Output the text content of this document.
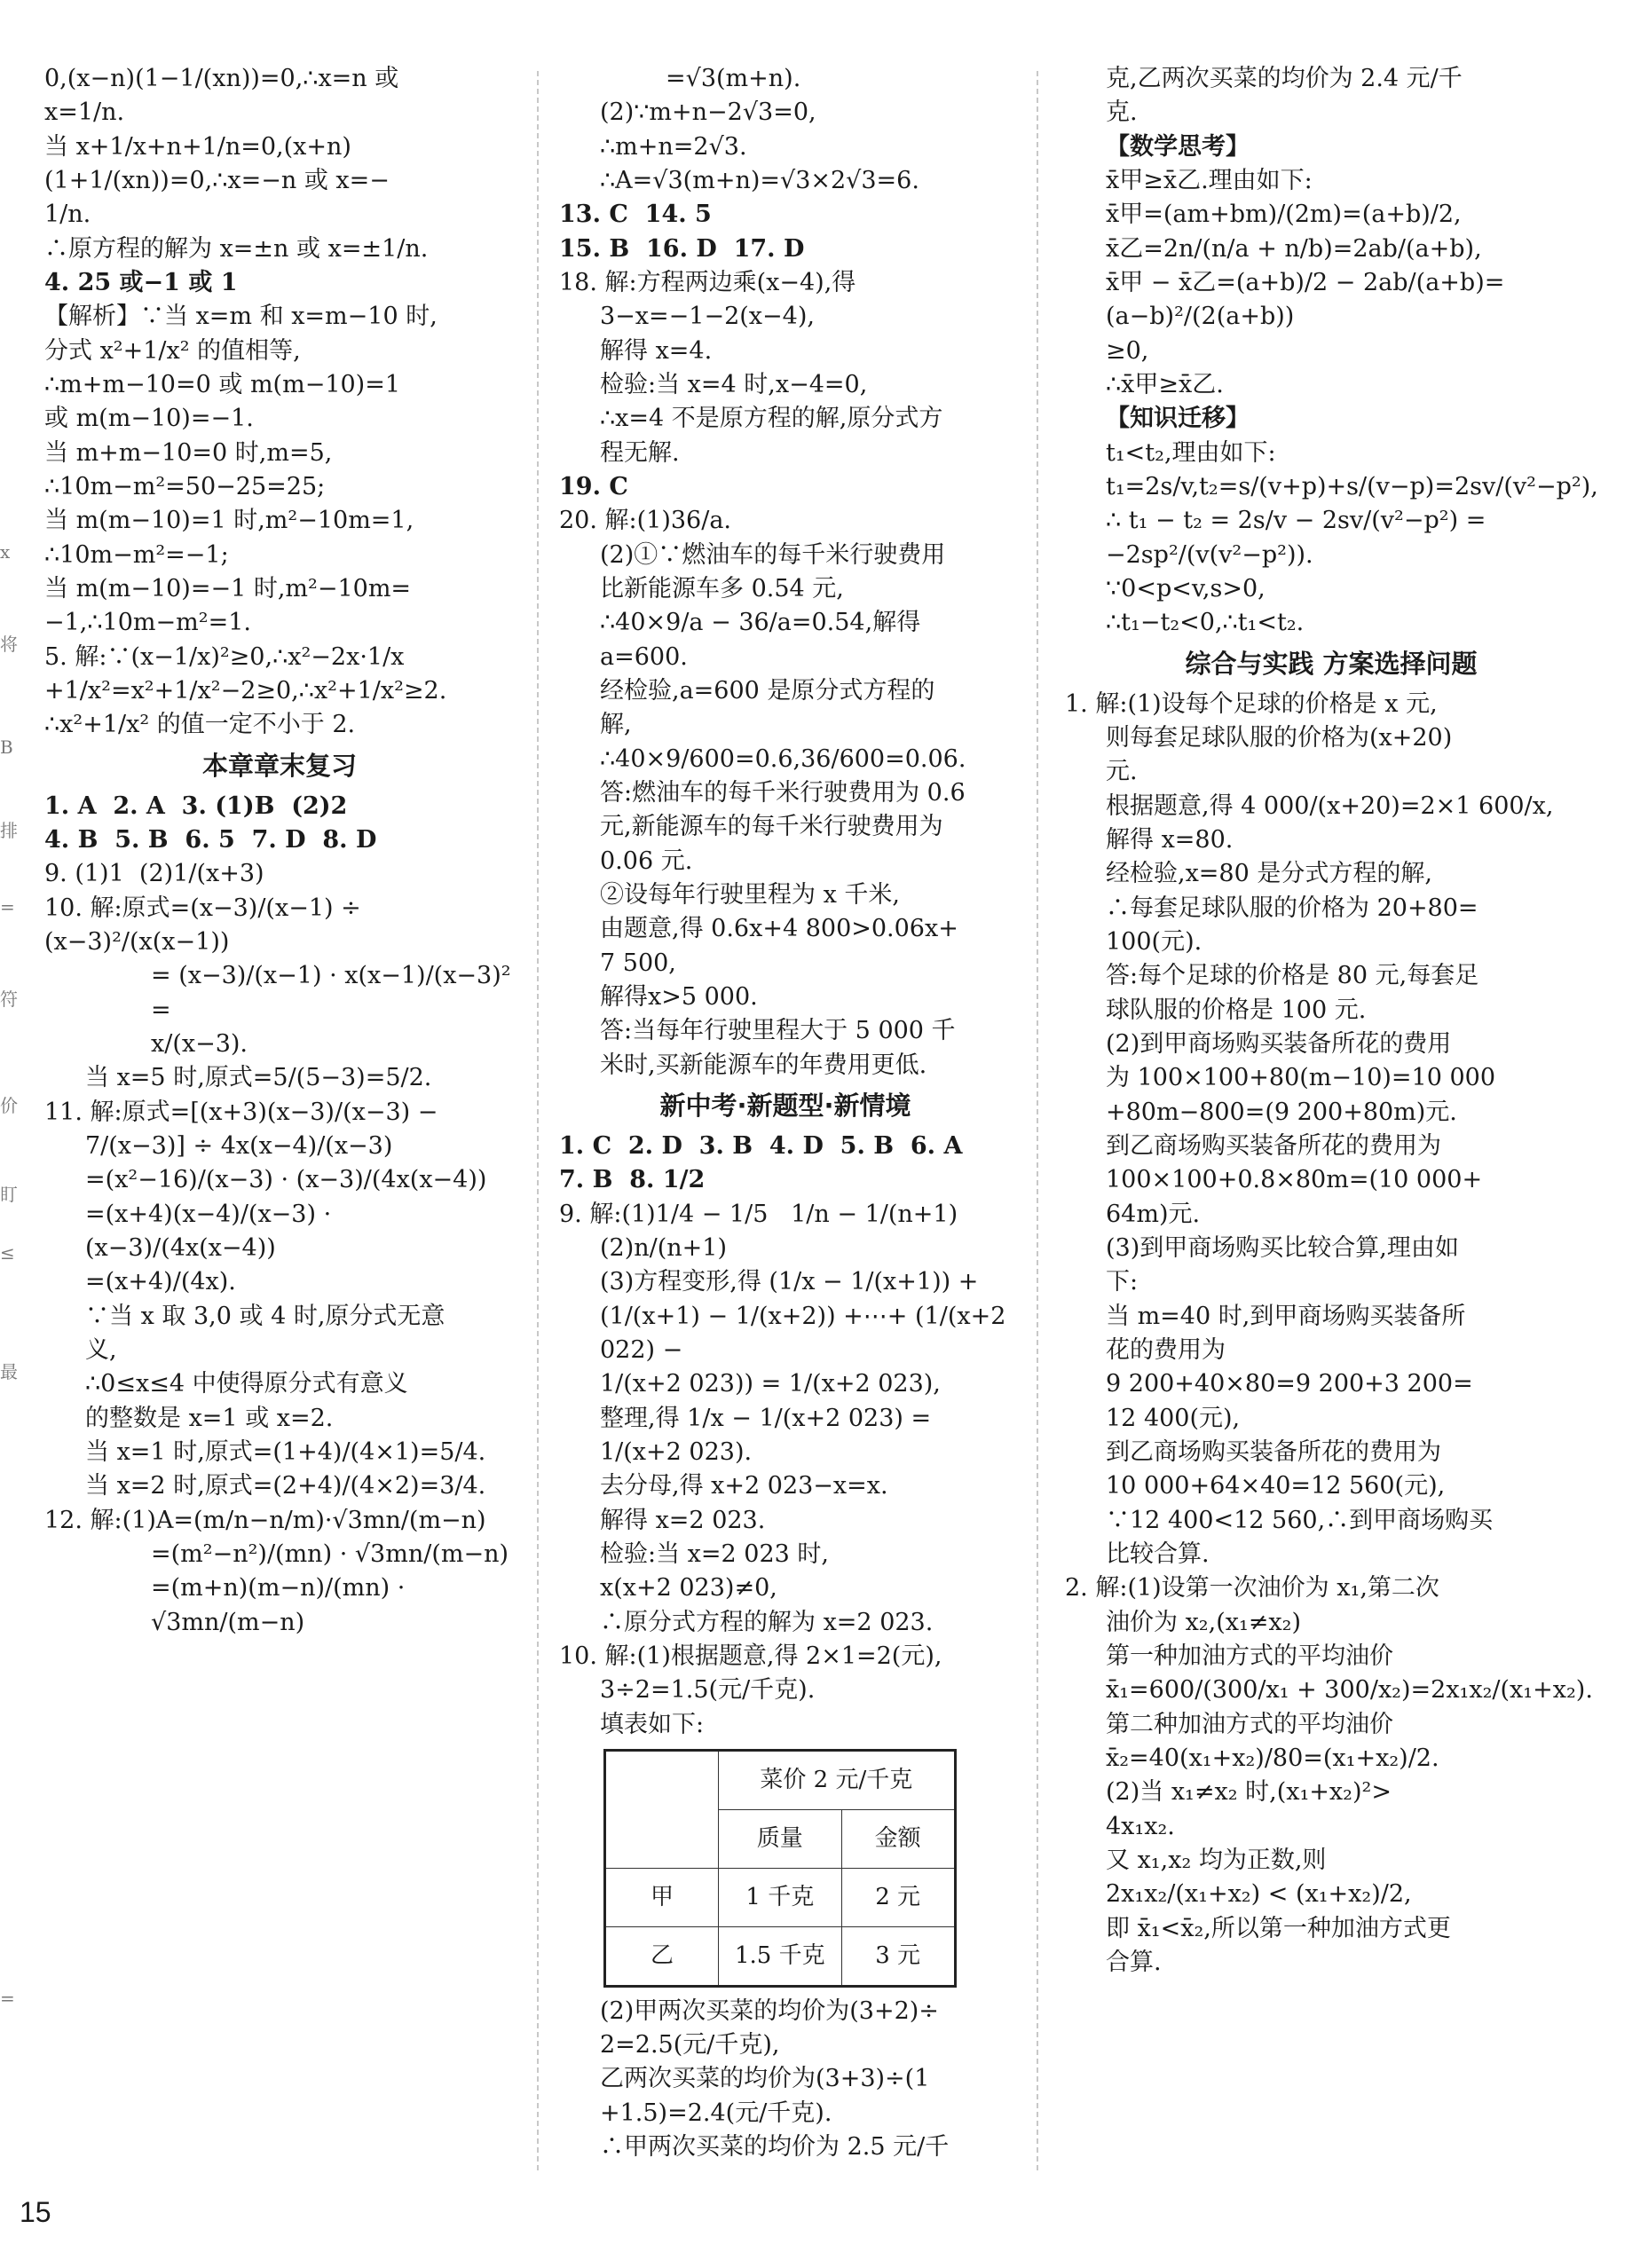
x
将
B
排
=
符
价
盯
≤
最
=
0,(x−n)(1−1/(xn))=0,∴x=n 或
x=1/n.
当 x+1/x+n+1/n=0,(x+n)
(1+1/(xn))=0,∴x=−n 或 x=−
1/n.
∴原方程的解为 x=±n 或 x=±1/n.
4. 25 或−1 或 1
【解析】∵当 x=m 和 x=m−10 时,
分式 x²+1/x² 的值相等,
∴m+m−10=0 或 m(m−10)=1
或 m(m−10)=−1.
当 m+m−10=0 时,m=5,
∴10m−m²=50−25=25;
当 m(m−10)=1 时,m²−10m=1,
∴10m−m²=−1;
当 m(m−10)=−1 时,m²−10m=
−1,∴10m−m²=1.
5. 解:∵(x−1/x)²≥0,∴x²−2x·1/x
+1/x²=x²+1/x²−2≥0,∴x²+1/x²≥2.
∴x²+1/x² 的值一定不小于 2.
本章章末复习
1. A  2. A  3. (1)B  (2)2
4. B  5. B  6. 5  7. D  8. D
9. (1)1  (2)1/(x+3)
10. 解:原式=(x−3)/(x−1) ÷ (x−3)²/(x(x−1))
= (x−3)/(x−1) · x(x−1)/(x−3)² =
x/(x−3).
当 x=5 时,原式=5/(5−3)=5/2.
11. 解:原式=[(x+3)(x−3)/(x−3) −
7/(x−3)] ÷ 4x(x−4)/(x−3)
=(x²−16)/(x−3) · (x−3)/(4x(x−4))
=(x+4)(x−4)/(x−3) · (x−3)/(4x(x−4))
=(x+4)/(4x).
∵当 x 取 3,0 或 4 时,原分式无意
义,
∴0≤x≤4 中使得原分式有意义
的整数是 x=1 或 x=2.
当 x=1 时,原式=(1+4)/(4×1)=5/4.
当 x=2 时,原式=(2+4)/(4×2)=3/4.
12. 解:(1)A=(m/n−n/m)·√3mn/(m−n)
=(m²−n²)/(mn) · √3mn/(m−n)
=(m+n)(m−n)/(mn) · √3mn/(m−n)
=√3(m+n).
(2)∵m+n−2√3=0,
∴m+n=2√3.
∴A=√3(m+n)=√3×2√3=6.
13. C  14. 5
15. B  16. D  17. D
18. 解:方程两边乘(x−4),得
3−x=−1−2(x−4),
解得 x=4.
检验:当 x=4 时,x−4=0,
∴x=4 不是原方程的解,原分式方
程无解.
19. C
20. 解:(1)36/a.
(2)①∵燃油车的每千米行驶费用
比新能源车多 0.54 元,
∴40×9/a − 36/a=0.54,解得 a=600.
经检验,a=600 是原分式方程的
解,
∴40×9/600=0.6,36/600=0.06.
答:燃油车的每千米行驶费用为 0.6
元,新能源车的每千米行驶费用为
0.06 元.
②设每年行驶里程为 x 千米,
由题意,得 0.6x+4 800>0.06x+
7 500,
解得x>5 000.
答:当每年行驶里程大于 5 000 千
米时,买新能源车的年费用更低.
新中考·新题型·新情境
1. C  2. D  3. B  4. D  5. B  6. A
7. B  8. 1/2
9. 解:(1)1/4 − 1/5   1/n − 1/(n+1)
(2)n/(n+1)
(3)方程变形,得 (1/x − 1/(x+1)) +
(1/(x+1) − 1/(x+2)) +⋯+ (1/(x+2 022) −
1/(x+2 023)) = 1/(x+2 023),
整理,得 1/x − 1/(x+2 023) = 1/(x+2 023).
去分母,得 x+2 023−x=x.
解得 x=2 023.
检验:当 x=2 023 时,
x(x+2 023)≠0,
∴原分式方程的解为 x=2 023.
10. 解:(1)根据题意,得 2×1=2(元),
3÷2=1.5(元/千克).
填表如下:
	菜价 2 元/千克	
	质量	金额
甲	1 千克	2 元
乙	1.5 千克	3 元
(2)甲两次买菜的均价为(3+2)÷
2=2.5(元/千克),
乙两次买菜的均价为(3+3)÷(1
+1.5)=2.4(元/千克).
∴甲两次买菜的均价为 2.5 元/千
克,乙两次买菜的均价为 2.4 元/千
克.
【数学思考】
x̄甲≥x̄乙.理由如下:
x̄甲=(am+bm)/(2m)=(a+b)/2,
x̄乙=2n/(n/a + n/b)=2ab/(a+b),
x̄甲 − x̄乙=(a+b)/2 − 2ab/(a+b)=(a−b)²/(2(a+b))
≥0,
∴x̄甲≥x̄乙.
【知识迁移】
t₁<t₂,理由如下:
t₁=2s/v,t₂=s/(v+p)+s/(v−p)=2sv/(v²−p²),
∴ t₁ − t₂ = 2s/v − 2sv/(v²−p²) =
−2sp²/(v(v²−p²)).
∵0<p<v,s>0,
∴t₁−t₂<0,∴t₁<t₂.
综合与实践 方案选择问题
1. 解:(1)设每个足球的价格是 x 元,
则每套足球队服的价格为(x+20)
元.
根据题意,得 4 000/(x+20)=2×1 600/x,
解得 x=80.
经检验,x=80 是分式方程的解,
∴每套足球队服的价格为 20+80=
100(元).
答:每个足球的价格是 80 元,每套足
球队服的价格是 100 元.
(2)到甲商场购买装备所花的费用
为 100×100+80(m−10)=10 000
+80m−800=(9 200+80m)元.
到乙商场购买装备所花的费用为
100×100+0.8×80m=(10 000+
64m)元.
(3)到甲商场购买比较合算,理由如
下:
当 m=40 时,到甲商场购买装备所
花的费用为
9 200+40×80=9 200+3 200=
12 400(元),
到乙商场购买装备所花的费用为
10 000+64×40=12 560(元),
∵12 400<12 560,∴到甲商场购买
比较合算.
2. 解:(1)设第一次油价为 x₁,第二次
油价为 x₂,(x₁≠x₂)
第一种加油方式的平均油价
x̄₁=600/(300/x₁ + 300/x₂)=2x₁x₂/(x₁+x₂).
第二种加油方式的平均油价
x̄₂=40(x₁+x₂)/80=(x₁+x₂)/2.
(2)当 x₁≠x₂ 时,(x₁+x₂)²>
4x₁x₂.
又 x₁,x₂ 均为正数,则
2x₁x₂/(x₁+x₂) < (x₁+x₂)/2,
即 x̄₁<x̄₂,所以第一种加油方式更
合算.
15
